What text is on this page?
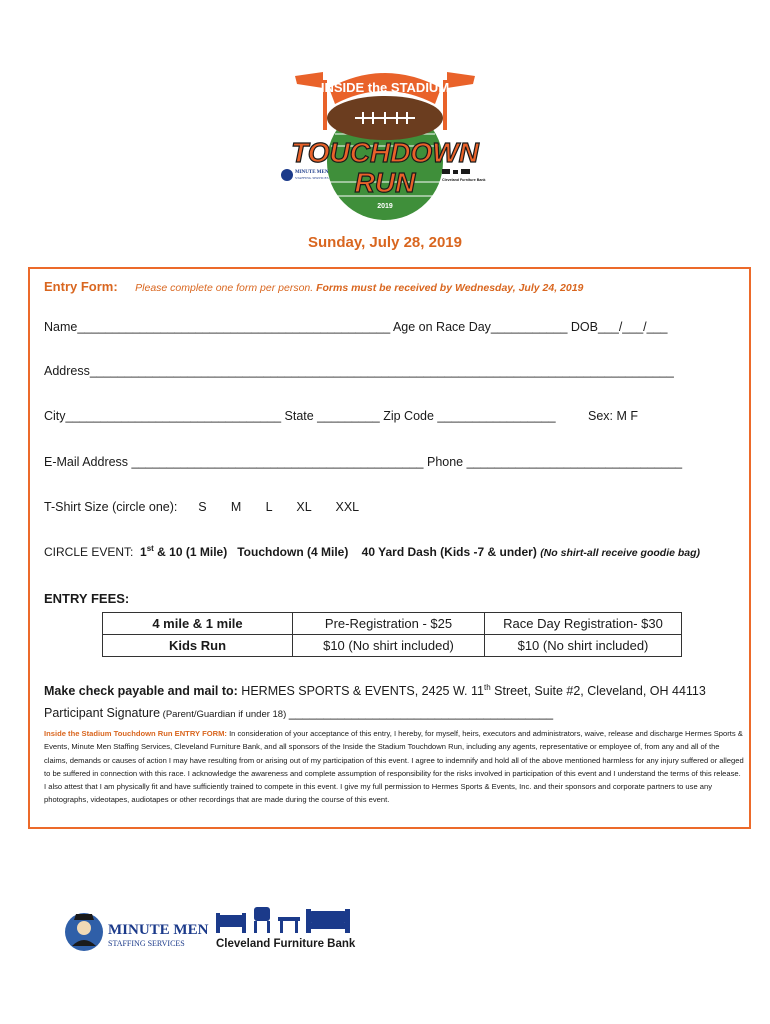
INSIDE the STADIUM
TOUCHDOWN
RUN
2019
MINUTE MEN
STAFFING SERVICES	Cleveland Furniture Bank
Sunday, July 28, 2019
Entry Form: Please complete one form per person. Forms must be received by Wednesday, July 24, 2019
Name_____________________________________________ Age on Race Day___________ DOB___/___/___
Address____________________________________________________________________________________
City_______________________________ State _________ Zip Code _________________	Sex: M F
E-Mail Address __________________________________________ Phone _______________________________
T-Shirt Size (circle one):      S       M       L       XL       XXL
CIRCLE EVENT: 1st & 10 (1 Mile) Touchdown (4 Mile) 40 Yard Dash (Kids -7 & under) (No shirt-all receive goodie bag)
ENTRY FEES:
4 mile & 1 mile	Pre-Registration - $25	Race Day Registration- $30
Kids Run	$10 (No shirt included)	$10 (No shirt included)
Make check payable and mail to: HERMES SPORTS & EVENTS, 2425 W. 11th Street, Suite #2, Cleveland, OH 44113
Participant Signature (Parent/Guardian if under 18) ______________________________________
Inside the Stadium Touchdown Run ENTRY FORM: In consideration of your acceptance of this entry, I hereby, for myself, heirs, executors and administrators, waive, release and discharge Hermes Sports & Events, Minute Men Staffing Services, Cleveland Furniture Bank, and all sponsors of the Inside the Stadium Touchdown Run, including any agents, representative or employee of, from any and all of the claims, demands or causes of action I may have resulting from or arising out of my participation of this event. I agree to indemnify and hold all of the above mentioned harmless for any injury suffered or alleged to be suffered in connection with this race. I acknowledge the awareness and complete assumption of responsibility for the risks involved in participation of this event and I understand the terms of this release. I also attest that I am physically fit and have sufficiently trained to compete in this event. I give my full permission to Hermes Sports & Events, Inc. and their sponsors and corporate partners to use any photographs, videotapes, audiotapes or other recordings that are made during the course of this event.
MINUTE MEN
STAFFING SERVICES	Cleveland Furniture Bank
